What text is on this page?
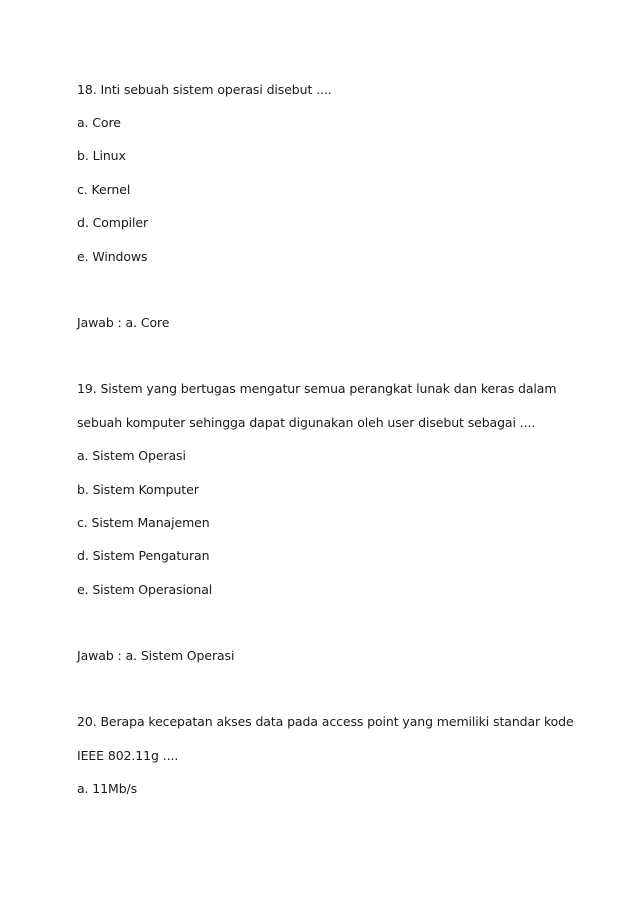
18. Inti sebuah sistem operasi disebut ....
a. Core
b. Linux
c. Kernel
d. Compiler
e. Windows
Jawab : a. Core
19. Sistem yang bertugas mengatur semua perangkat lunak dan keras dalam
sebuah komputer sehingga dapat digunakan oleh user disebut sebagai ....
a. Sistem Operasi
b. Sistem Komputer
c. Sistem Manajemen
d. Sistem Pengaturan
e. Sistem Operasional
Jawab : a. Sistem Operasi
20. Berapa kecepatan akses data pada access point yang memiliki standar kode
IEEE 802.11g ....
a. 11Mb/s
